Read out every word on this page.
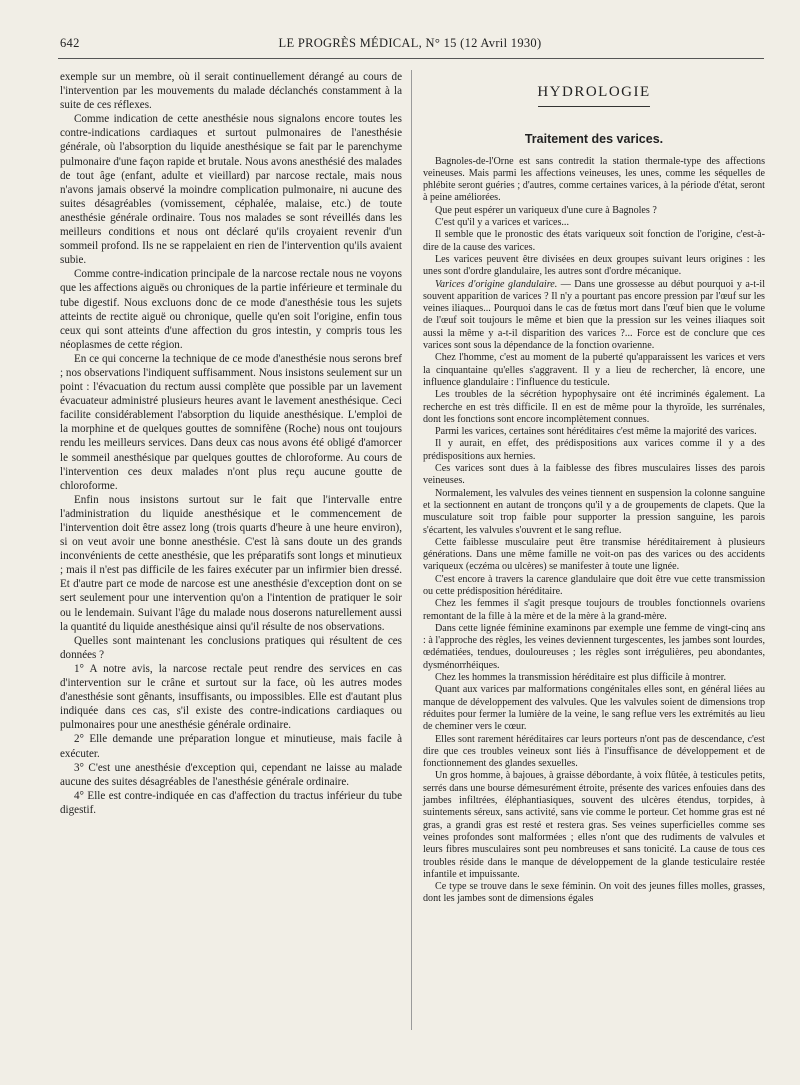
642	LE PROGRÈS MÉDICAL, N° 15 (12 Avril 1930)

exemple sur un membre, où il serait continuellement dérangé au cours de l'intervention par les mouvements du malade déclanchés constamment à la suite de ces réflexes.

Comme indication de cette anesthésie nous signalons encore toutes les contre-indications cardiaques et surtout pulmonaires de l'anesthésie générale, où l'absorption du liquide anesthésique se fait par le parenchyme pulmonaire d'une façon rapide et brutale. Nous avons anesthésié des malades de tout âge (enfant, adulte et vieillard) par narcose rectale, mais nous n'avons jamais observé la moindre complication pulmonaire, ni aucune des suites désagréables (vomissement, céphalée, malaise, etc.) de toute anesthésie générale ordinaire. Tous nos malades se sont réveillés dans les meilleurs conditions et nous ont déclaré qu'ils croyaient revenir d'un sommeil profond. Ils ne se rappelaient en rien de l'intervention qu'ils avaient subie.

Comme contre-indication principale de la narcose rectale nous ne voyons que les affections aiguës ou chroniques de la partie inférieure et terminale du tube digestif. Nous excluons donc de ce mode d'anesthésie tous les sujets atteints de rectite aiguë ou chronique, quelle qu'en soit l'origine, enfin tous ceux qui sont atteints d'une affection du gros intestin, y compris tous les néoplasmes de cette région.

En ce qui concerne la technique de ce mode d'anesthésie nous serons bref ; nos observations l'indiquent suffisamment. Nous insistons seulement sur un point : l'évacuation du rectum aussi complète que possible par un lavement évacuateur administré plusieurs heures avant le lavement anesthésique. Ceci facilite considérablement l'absorption du liquide anesthésique. L'emploi de la morphine et de quelques gouttes de somnifène (Roche) nous ont toujours rendu les meilleurs services. Dans deux cas nous avons été obligé d'amorcer le sommeil anesthésique par quelques gouttes de chloroforme. Au cours de l'intervention ces deux malades n'ont plus reçu aucune goutte de chloroforme.

Enfin nous insistons surtout sur le fait que l'intervalle entre l'administration du liquide anesthésique et le commencement de l'intervention doit être assez long (trois quarts d'heure à une heure environ), si on veut avoir une bonne anesthésie. C'est là sans doute un des grands inconvénients de cette anesthésie, que les préparatifs sont longs et minutieux ; mais il n'est pas difficile de les faires exécuter par un infirmier bien dressé. Et d'autre part ce mode de narcose est une anesthésie d'exception dont on se sert seulement pour une intervention qu'on a l'intention de pratiquer le soir ou le lendemain. Suivant l'âge du malade nous doserons naturellement aussi la quantité du liquide anesthésique ainsi qu'il résulte de nos observations.

Quelles sont maintenant les conclusions pratiques qui résultent de ces données ?

1° A notre avis, la narcose rectale peut rendre des services en cas d'intervention sur le crâne et surtout sur la face, où les autres modes d'anesthésie sont gênants, insuffisants, ou impossibles. Elle est d'autant plus indiquée dans ces cas, s'il existe des contre-indications cardiaques ou pulmonaires pour une anesthésie générale ordinaire.

2° Elle demande une préparation longue et minutieuse, mais facile à exécuter.

3° C'est une anesthésie d'exception qui, cependant ne laisse au malade aucune des suites désagréables de l'anesthésie générale ordinaire.

4° Elle est contre-indiquée en cas d'affection du tractus inférieur du tube digestif.

HYDROLOGIE
Traitement des varices.

Bagnoles-de-l'Orne est sans contredit la station thermale-type des affections veineuses. Mais parmi les affections veineuses, les unes, comme les séquelles de phlébite seront guéries ; d'autres, comme certaines varices, à la période d'état, seront à peine améliorées.

Que peut espérer un variqueux d'une cure à Bagnoles ?

C'est qu'il y a varices et varices...

Il semble que le pronostic des états variqueux soit fonction de l'origine, c'est-à-dire de la cause des varices.

Les varices peuvent être divisées en deux groupes suivant leurs origines : les unes sont d'ordre glandulaire, les autres sont d'ordre mécanique.

Varices d'origine glandulaire. — Dans une grossesse au début pourquoi y a-t-il souvent apparition de varices ? Il n'y a pourtant pas encore pression par l'œuf sur les veines iliaques... Pourquoi dans le cas de fœtus mort dans l'œuf bien que le volume de l'œuf soit toujours le même et bien que la pression sur les veines iliaques soit aussi la même y a-t-il disparition des varices ?... Force est de conclure que ces varices sont sous la dépendance de la fonction ovarienne.

Chez l'homme, c'est au moment de la puberté qu'apparaissent les varices et vers la cinquantaine qu'elles s'aggravent. Il y a lieu de rechercher, là encore, une influence glandulaire : l'influence du testicule.

Les troubles de la sécrétion hypophysaire ont été incriminés également. La recherche en est très difficile. Il en est de même pour la thyroïde, les surrénales, dont les fonctions sont encore incomplètement connues.

Parmi les varices, certaines sont héréditaires c'est même la majorité des varices.

Il y aurait, en effet, des prédispositions aux varices comme il y a des prédispositions aux hernies.

Ces varices sont dues à la faiblesse des fibres musculaires lisses des parois veineuses.

Normalement, les valvules des veines tiennent en suspension la colonne sanguine et la sectionnent en autant de tronçons qu'il y a de groupements de clapets. Que la musculature soit trop faible pour supporter la pression sanguine, les parois s'écartent, les valvules s'ouvrent et le sang reflue.

Cette faiblesse musculaire peut être transmise héréditairement à plusieurs générations. Dans une même famille ne voit-on pas des varices ou des accidents variqueux (eczéma ou ulcères) se manifester à toute une lignée.

C'est encore à travers la carence glandulaire que doit être vue cette transmission ou cette prédisposition héréditaire.

Chez les femmes il s'agit presque toujours de troubles fonctionnels ovariens remontant de la fille à la mère et de la mère à la grand-mère.

Dans cette lignée féminine examinons par exemple une femme de vingt-cinq ans : à l'approche des règles, les veines deviennent turgescentes, les jambes sont lourdes, œdématiées, tendues, douloureuses ; les règles sont irrégulières, peu abondantes, dysménorrhéiques.

Chez les hommes la transmission héréditaire est plus difficile à montrer.

Quant aux varices par malformations congénitales elles sont, en général liées au manque de développement des valvules. Que les valvules soient de dimensions trop réduites pour fermer la lumière de la veine, le sang reflue vers les extrémités au lieu de cheminer vers le cœur.

Elles sont rarement héréditaires car leurs porteurs n'ont pas de descendance, c'est dire que ces troubles veineux sont liés à l'insuffisance de développement et de fonctionnement des glandes sexuelles.

Un gros homme, à bajoues, à graisse débordante, à voix flûtée, à testicules petits, serrés dans une bourse démesurément étroite, présente des varices enfouies dans des jambes infiltrées, éléphantiasiques, souvent des ulcères étendus, torpides, à suintements séreux, sans activité, sans vie comme le porteur. Cet homme gras est né gras, a grandi gras est resté et restera gras. Ses veines superficielles comme ses veines profondes sont malformées ; elles n'ont que des rudiments de valvules et leurs fibres musculaires sont peu nombreuses et sans tonicité. La cause de tous ces troubles réside dans le manque de développement de la glande testiculaire restée infantile et impuissante.

Ce type se trouve dans le sexe féminin. On voit des jeunes filles molles, grasses, dont les jambes sont de dimensions égales
